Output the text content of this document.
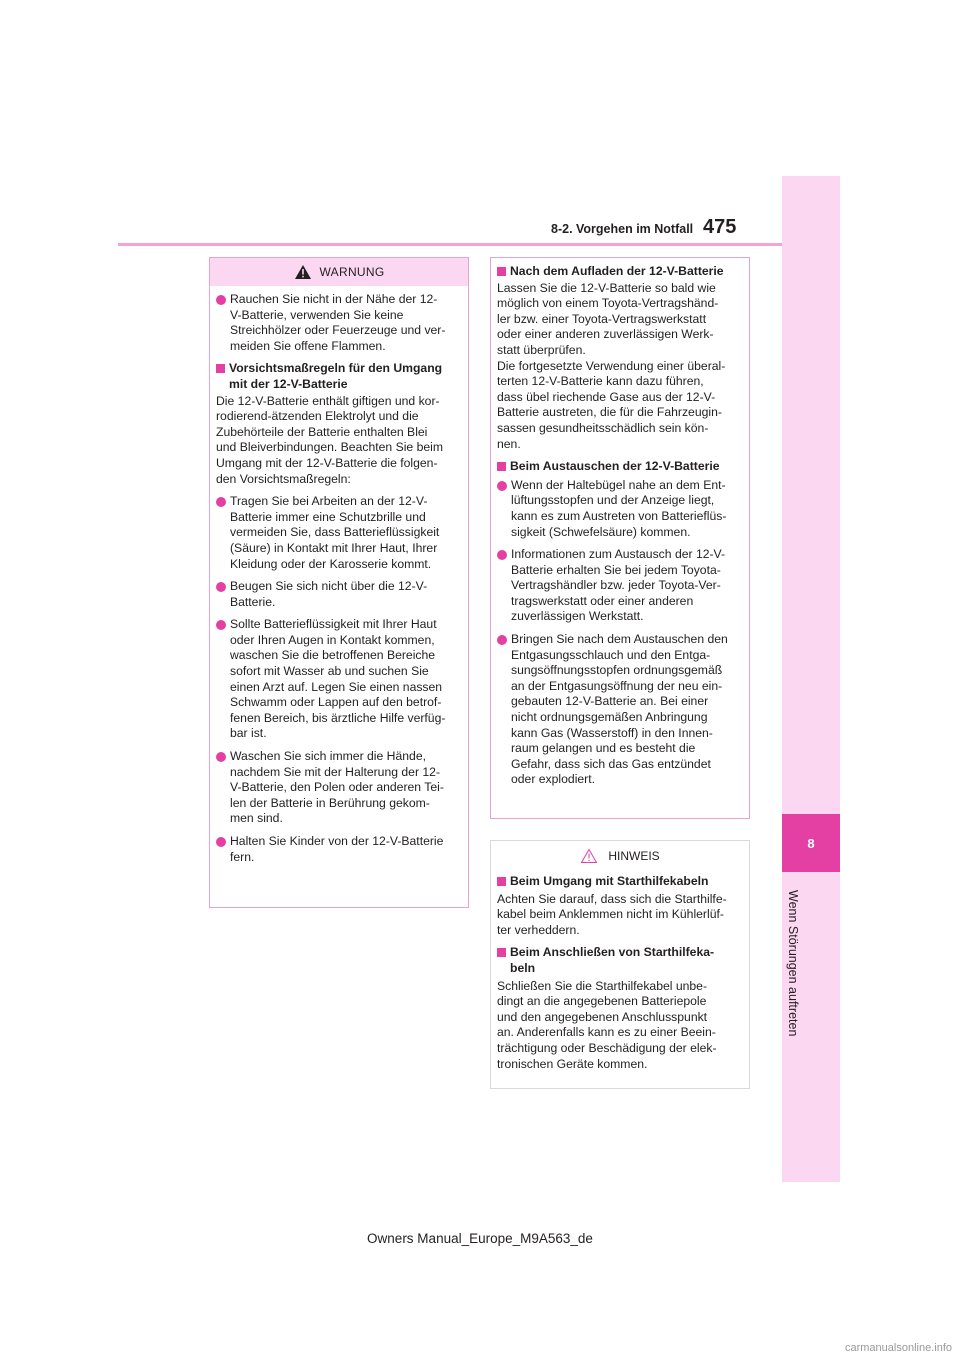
8
Wenn Störungen auftreten
8-2. Vorgehen im Notfall 475
WARNUNG
Rauchen Sie nicht in der Nähe der 12-
V-Batterie, verwenden Sie keine
Streichhölzer oder Feuerzeuge und ver-
meiden Sie offene Flammen.
Vorsichtsmaßregeln für den Umgang
mit der 12-V-Batterie
Die 12-V-Batterie enthält giftigen und kor-
rodierend-ätzenden Elektrolyt und die
Zubehörteile der Batterie enthalten Blei
und Bleiverbindungen. Beachten Sie beim
Umgang mit der 12-V-Batterie die folgen-
den Vorsichtsmaßregeln:
Tragen Sie bei Arbeiten an der 12-V-
Batterie immer eine Schutzbrille und
vermeiden Sie, dass Batterieflüssigkeit
(Säure) in Kontakt mit Ihrer Haut, Ihrer
Kleidung oder der Karosserie kommt.
Beugen Sie sich nicht über die 12-V-
Batterie.
Sollte Batterieflüssigkeit mit Ihrer Haut
oder Ihren Augen in Kontakt kommen,
waschen Sie die betroffenen Bereiche
sofort mit Wasser ab und suchen Sie
einen Arzt auf. Legen Sie einen nassen
Schwamm oder Lappen auf den betrof-
fenen Bereich, bis ärztliche Hilfe verfüg-
bar ist.
Waschen Sie sich immer die Hände,
nachdem Sie mit der Halterung der 12-
V-Batterie, den Polen oder anderen Tei-
len der Batterie in Berührung gekom-
men sind.
Halten Sie Kinder von der 12-V-Batterie
fern.
Nach dem Aufladen der 12-V-Batterie
Lassen Sie die 12-V-Batterie so bald wie
möglich von einem Toyota-Vertragshänd-
ler bzw. einer Toyota-Vertragswerkstatt
oder einer anderen zuverlässigen Werk-
statt überprüfen.
Die fortgesetzte Verwendung einer überal-
terten 12-V-Batterie kann dazu führen,
dass übel riechende Gase aus der 12-V-
Batterie austreten, die für die Fahrzeugin-
sassen gesundheitsschädlich sein kön-
nen.
Beim Austauschen der 12-V-Batterie
Wenn der Haltebügel nahe an dem Ent-
lüftungsstopfen und der Anzeige liegt,
kann es zum Austreten von Batterieflüs-
sigkeit (Schwefelsäure) kommen.
Informationen zum Austausch der 12-V-
Batterie erhalten Sie bei jedem Toyota-
Vertragshändler bzw. jeder Toyota-Ver-
tragswerkstatt oder einer anderen
zuverlässigen Werkstatt.
Bringen Sie nach dem Austauschen den
Entgasungsschlauch und den Entga-
sungsöffnungsstopfen ordnungsgemäß
an der Entgasungsöffnung der neu ein-
gebauten 12-V-Batterie an. Bei einer
nicht ordnungsgemäßen Anbringung
kann Gas (Wasserstoff) in den Innen-
raum gelangen und es besteht die
Gefahr, dass sich das Gas entzündet
oder explodiert.
HINWEIS
Beim Umgang mit Starthilfekabeln
Achten Sie darauf, dass sich die Starthilfe-
kabel beim Anklemmen nicht im Kühlerlüf-
ter verheddern.
Beim Anschließen von Starthilfeka-
beln
Schließen Sie die Starthilfekabel unbe-
dingt an die angegebenen Batteriepole
und den angegebenen Anschlusspunkt
an. Anderenfalls kann es zu einer Beein-
trächtigung oder Beschädigung der elek-
tronischen Geräte kommen.
Owners Manual_Europe_M9A563_de
carmanualsonline.info
